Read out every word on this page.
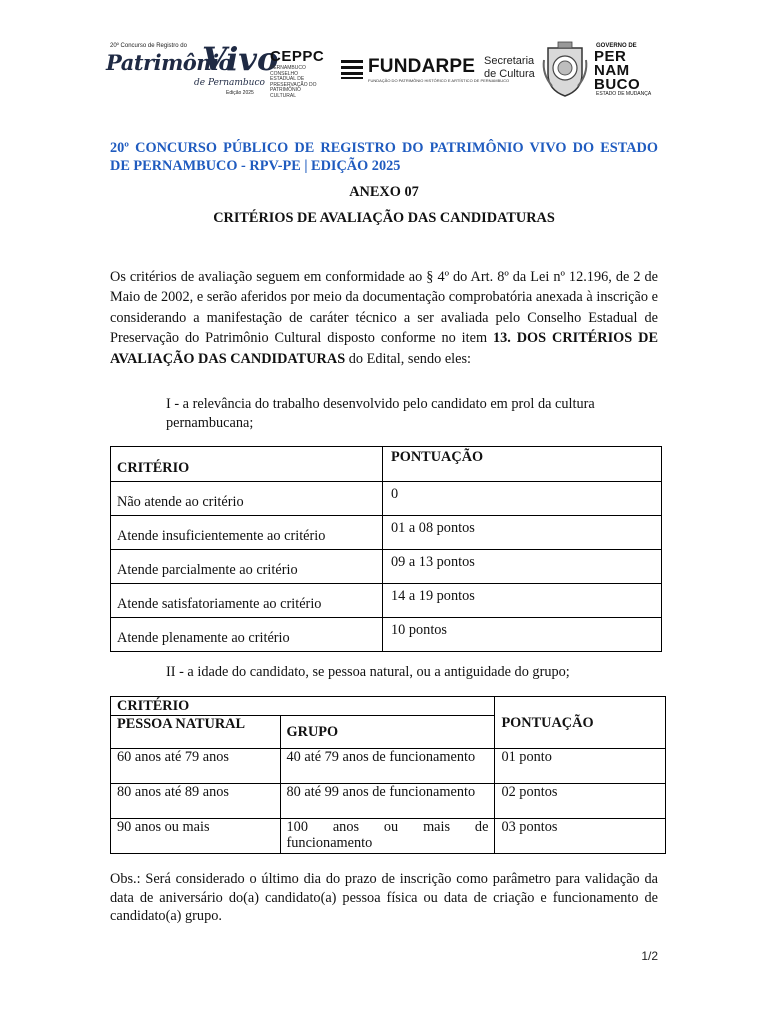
20º Concurso de Registro do
Patrimônio
Vivo
de Pernambuco
Edição 2025
CEPPC
PERNAMBUCO CONSELHO ESTADUAL DE PRESERVAÇÃO DO PATRIMÔNIO CULTURAL
FUNDARPE
FUNDAÇÃO DO PATRIMÔNIO HISTÓRICO E ARTÍSTICO DE PERNAMBUCO
Secretaria
de Cultura
GOVERNO DE
PER
NAM
BUCO
ESTADO DE MUDANÇA
20º CONCURSO PÚBLICO DE REGISTRO DO PATRIMÔNIO VIVO DO ESTADO DE PERNAMBUCO - RPV-PE | EDIÇÃO 2025
ANEXO 07
CRITÉRIOS DE AVALIAÇÃO DAS CANDIDATURAS

Os critérios de avaliação seguem em conformidade ao § 4º do Art. 8º da Lei nº 12.196, de 2 de Maio de 2002, e serão aferidos por meio da documentação comprobatória anexada à inscrição e considerando a manifestação de caráter técnico a ser avaliada pelo Conselho Estadual de Preservação do Patrimônio Cultural disposto conforme no item 13. DOS CRITÉRIOS DE AVALIAÇÃO DAS CANDIDATURAS do Edital, sendo eles:

I - a relevância do trabalho desenvolvido pelo candidato em prol da cultura pernambucana;

CRITÉRIO	PONTUAÇÃO
Não atende ao critério	0
Atende insuficientemente ao critério	01 a 08 pontos
Atende parcialmente ao critério	09 a 13 pontos
Atende satisfatoriamente ao critério	14 a 19 pontos
Atende plenamente ao critério	10 pontos

II - a idade do candidato, se pessoa natural, ou a antiguidade do grupo;

CRITÉRIO		PONTUAÇÃO
PESSOA NATURAL	GRUPO	
60 anos até 79 anos	40 até 79 anos de funcionamento	01 ponto
80 anos até 89 anos	80 até 99 anos de funcionamento	02 pontos
90 anos ou mais	100 anos ou mais de funcionamento	03 pontos

Obs.: Será considerado o último dia do prazo de inscrição como parâmetro para validação da data de aniversário do(a) candidato(a) pessoa física ou data de criação e funcionamento de candidato(a) grupo.

1/2
